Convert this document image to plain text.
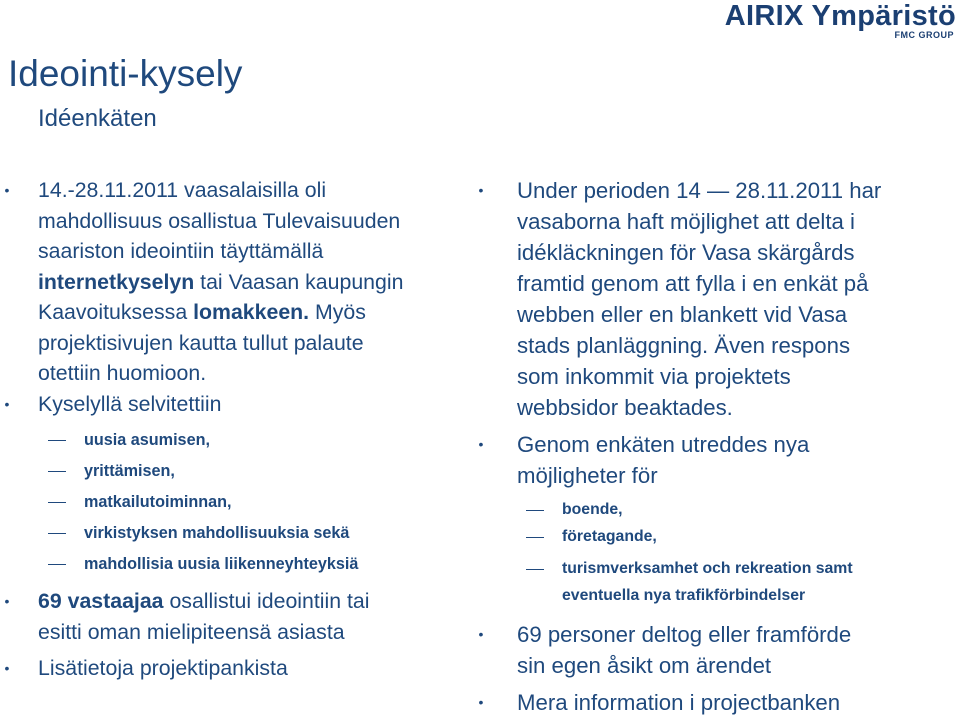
AIRIX Ympäristö
FMC GROUP
Ideointi-kysely
Idéenkäten
• 14.-28.11.2011 vaasalaisilla oli
mahdollisuus osallistua Tulevaisuuden
saariston ideointiin täyttämällä
internetkyselyn tai Vaasan kaupungin
Kaavoituksessa lomakkeen. Myös
projektisivujen kautta tullut palaute
otettiin huomioon.
• Kyselyllä selvitettiin
uusia asumisen,
yrittämisen,
matkailutoiminnan,
virkistyksen mahdollisuuksia sekä
mahdollisia uusia liikenneyhteyksiä
• 69 vastaajaa osallistui ideointiin tai
esitti oman mielipiteensä asiasta
• Lisätietoja projektipankista
• Under perioden 14 — 28.11.2011 har
vasaborna haft möjlighet att delta i
idékläckningen för Vasa skärgårds
framtid genom att fylla i en enkät på
webben eller en blankett vid Vasa
stads planläggning. Även respons
som inkommit via projektets
webbsidor beaktades.
• Genom enkäten utreddes nya
möjligheter för
boende,
företagande,
turismverksamhet och rekreation samt
eventuella nya trafikförbindelser
• 69 personer deltog eller framförde
sin egen åsikt om ärendet
• Mera information i projectbanken
